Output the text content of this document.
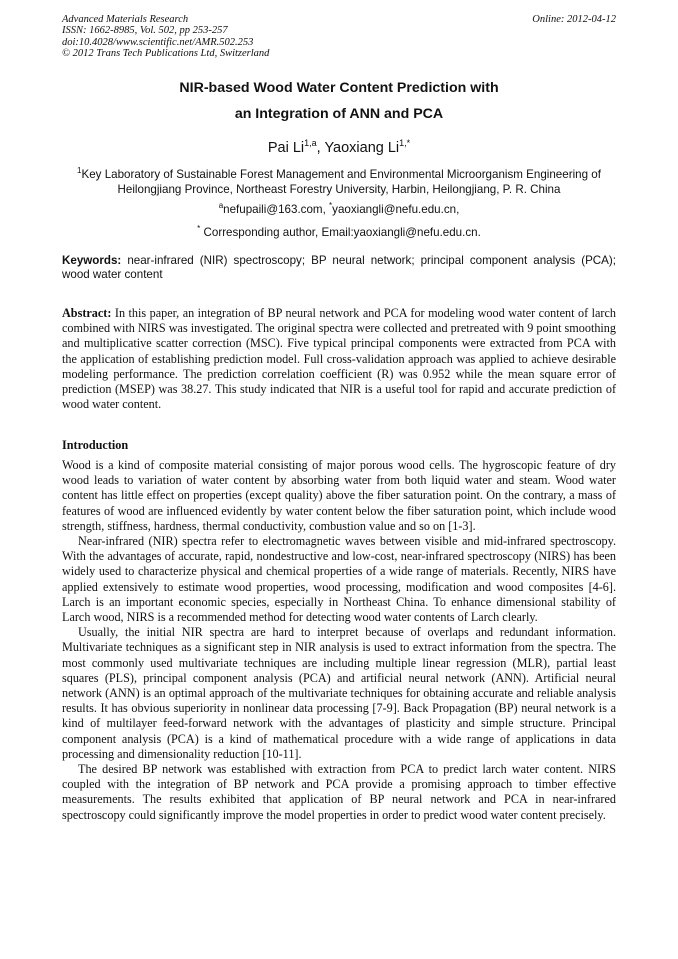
Advanced Materials Research
ISSN: 1662-8985, Vol. 502, pp 253-257
doi:10.4028/www.scientific.net/AMR.502.253
© 2012 Trans Tech Publications Ltd, Switzerland
Online: 2012-04-12
NIR-based Wood Water Content Prediction with
an Integration of ANN and PCA
Pai Li$^{1,a}$, Yaoxiang $Li^{1,*}$
$^1$Key Laboratory of Sustainable Forest Management and Environmental Microorganism Engineering of Heilongjiang Province, Northeast Forestry University, Harbin, Heilongjiang, P. R. China
$^a$nefupaili@163.com, *yaoxiangli@nefu.edu.cn,
* Corresponding author, Email:yaoxiangli@nefu.edu.cn.
Keywords: near-infrared (NIR) spectroscopy; BP neural network; principal component analysis (PCA); wood water content
Abstract: In this paper, an integration of BP neural network and PCA for modeling wood water content of larch combined with NIRS was investigated. The original spectra were collected and pretreated with 9 point smoothing and multiplicative scatter correction (MSC). Five typical principal components were extracted from PCA with the application of establishing prediction model. Full cross-validation approach was applied to achieve desirable modeling performance. The prediction correlation coefficient (R) was 0.952 while the mean square error of prediction (MSEP) was 38.27. This study indicated that NIR is a useful tool for rapid and accurate prediction of wood water content.
Introduction

Wood is a kind of composite material consisting of major porous wood cells. The hygroscopic feature of dry wood leads to variation of water content by absorbing water from both liquid water and steam. Wood water content has little effect on properties (except quality) above the fiber saturation point. On the contrary, a mass of features of wood are influenced evidently by water content below the fiber saturation point, which include wood strength, stiffness, hardness, thermal conductivity, combustion value and so on [1-3].

Near-infrared (NIR) spectra refer to electromagnetic waves between visible and mid-infrared spectroscopy. With the advantages of accurate, rapid, nondestructive and low-cost, near-infrared spectroscopy (NIRS) has been widely used to characterize physical and chemical properties of a wide range of materials. Recently, NIRS have applied extensively to estimate wood properties, wood processing, modification and wood composites [4-6]. Larch is an important economic species, especially in Northeast China. To enhance dimensional stability of Larch wood, NIRS is a recommended method for detecting wood water contents of Larch clearly.

Usually, the initial NIR spectra are hard to interpret because of overlaps and redundant information. Multivariate techniques as a significant step in NIR analysis is used to extract information from the spectra. The most commonly used multivariate techniques are including multiple linear regression (MLR), partial least squares (PLS), principal component analysis (PCA) and artificial neural network (ANN). Artificial neural network (ANN) is an optimal approach of the multivariate techniques for obtaining accurate and reliable analysis results. It has obvious superiority in nonlinear data processing [7-9]. Back Propagation (BP) neural network is a kind of multilayer feed-forward network with the advantages of plasticity and simple structure. Principal component analysis (PCA) is a kind of mathematical procedure with a wide range of applications in data processing and dimensionality reduction [10-11].

The desired BP network was established with extraction from PCA to predict larch water content. NIRS coupled with the integration of BP network and PCA provide a promising approach to timber effective measurements. The results exhibited that application of BP neural network and PCA in near-infrared spectroscopy could significantly improve the model properties in order to predict wood water content precisely.
